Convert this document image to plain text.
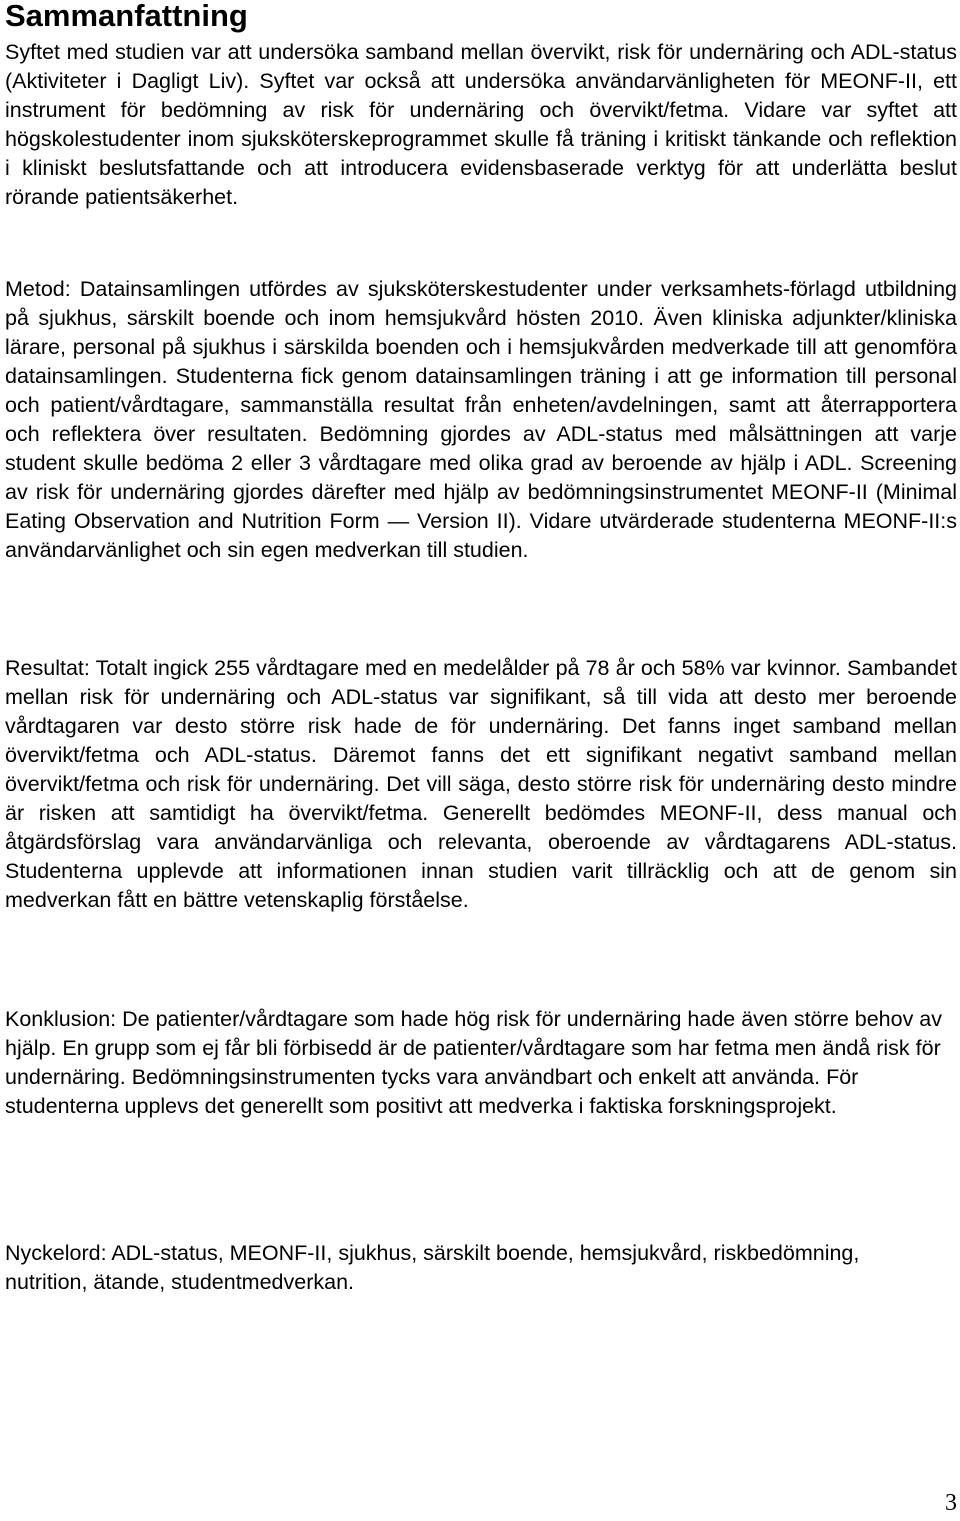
Sammanfattning

Syftet med studien var att undersöka samband mellan övervikt, risk för undernäring och ADL-status (Aktiviteter i Dagligt Liv). Syftet var också att undersöka användarvänligheten för MEONF-II, ett instrument för bedömning av risk för undernäring och övervikt/fetma. Vidare var syftet att högskolestudenter inom sjuksköterskeprogrammet skulle få träning i kritiskt tänkande och reflektion i kliniskt beslutsfattande och att introducera evidensbaserade verktyg för att underlätta beslut rörande patientsäkerhet.

Metod: Datainsamlingen utfördes av sjuksköterskestudenter under verksamhets-förlagd utbildning på sjukhus, särskilt boende och inom hemsjukvård hösten 2010. Även kliniska adjunkter/kliniska lärare, personal på sjukhus i särskilda boenden och i hemsjukvården medverkade till att genomföra datainsamlingen. Studenterna fick genom datainsamlingen träning i att ge information till personal och patient/vårdtagare, sammanställa resultat från enheten/avdelningen, samt att återrapportera och reflektera över resultaten. Bedömning gjordes av ADL-status med målsättningen att varje student skulle bedöma 2 eller 3 vårdtagare med olika grad av beroende av hjälp i ADL. Screening av risk för undernäring gjordes därefter med hjälp av bedömningsinstrumentet MEONF-II (Minimal Eating Observation and Nutrition Form — Version II). Vidare utvärderade studenterna MEONF-II:s användarvänlighet och sin egen medverkan till studien.

Resultat: Totalt ingick 255 vårdtagare med en medelålder på 78 år och 58% var kvinnor. Sambandet mellan risk för undernäring och ADL-status var signifikant, så till vida att desto mer beroende vårdtagaren var desto större risk hade de för undernäring. Det fanns inget samband mellan övervikt/fetma och ADL-status. Däremot fanns det ett signifikant negativt samband mellan övervikt/fetma och risk för undernäring. Det vill säga, desto större risk för undernäring desto mindre är risken att samtidigt ha övervikt/fetma. Generellt bedömdes MEONF-II, dess manual och åtgärdsförslag vara användarvänliga och relevanta, oberoende av vårdtagarens ADL-status. Studenterna upplevde att informationen innan studien varit tillräcklig och att de genom sin medverkan fått en bättre vetenskaplig förståelse.

Konklusion: De patienter/vårdtagare som hade hög risk för undernäring hade även större behov av hjälp. En grupp som ej får bli förbisedd är de patienter/vårdtagare som har fetma men ändå risk för undernäring. Bedömningsinstrumenten tycks vara användbart och enkelt att använda. För studenterna upplevs det generellt som positivt att medverka i faktiska forskningsprojekt.

Nyckelord: ADL-status, MEONF-II, sjukhus, särskilt boende, hemsjukvård, riskbedömning, nutrition, ätande, studentmedverkan.

3
